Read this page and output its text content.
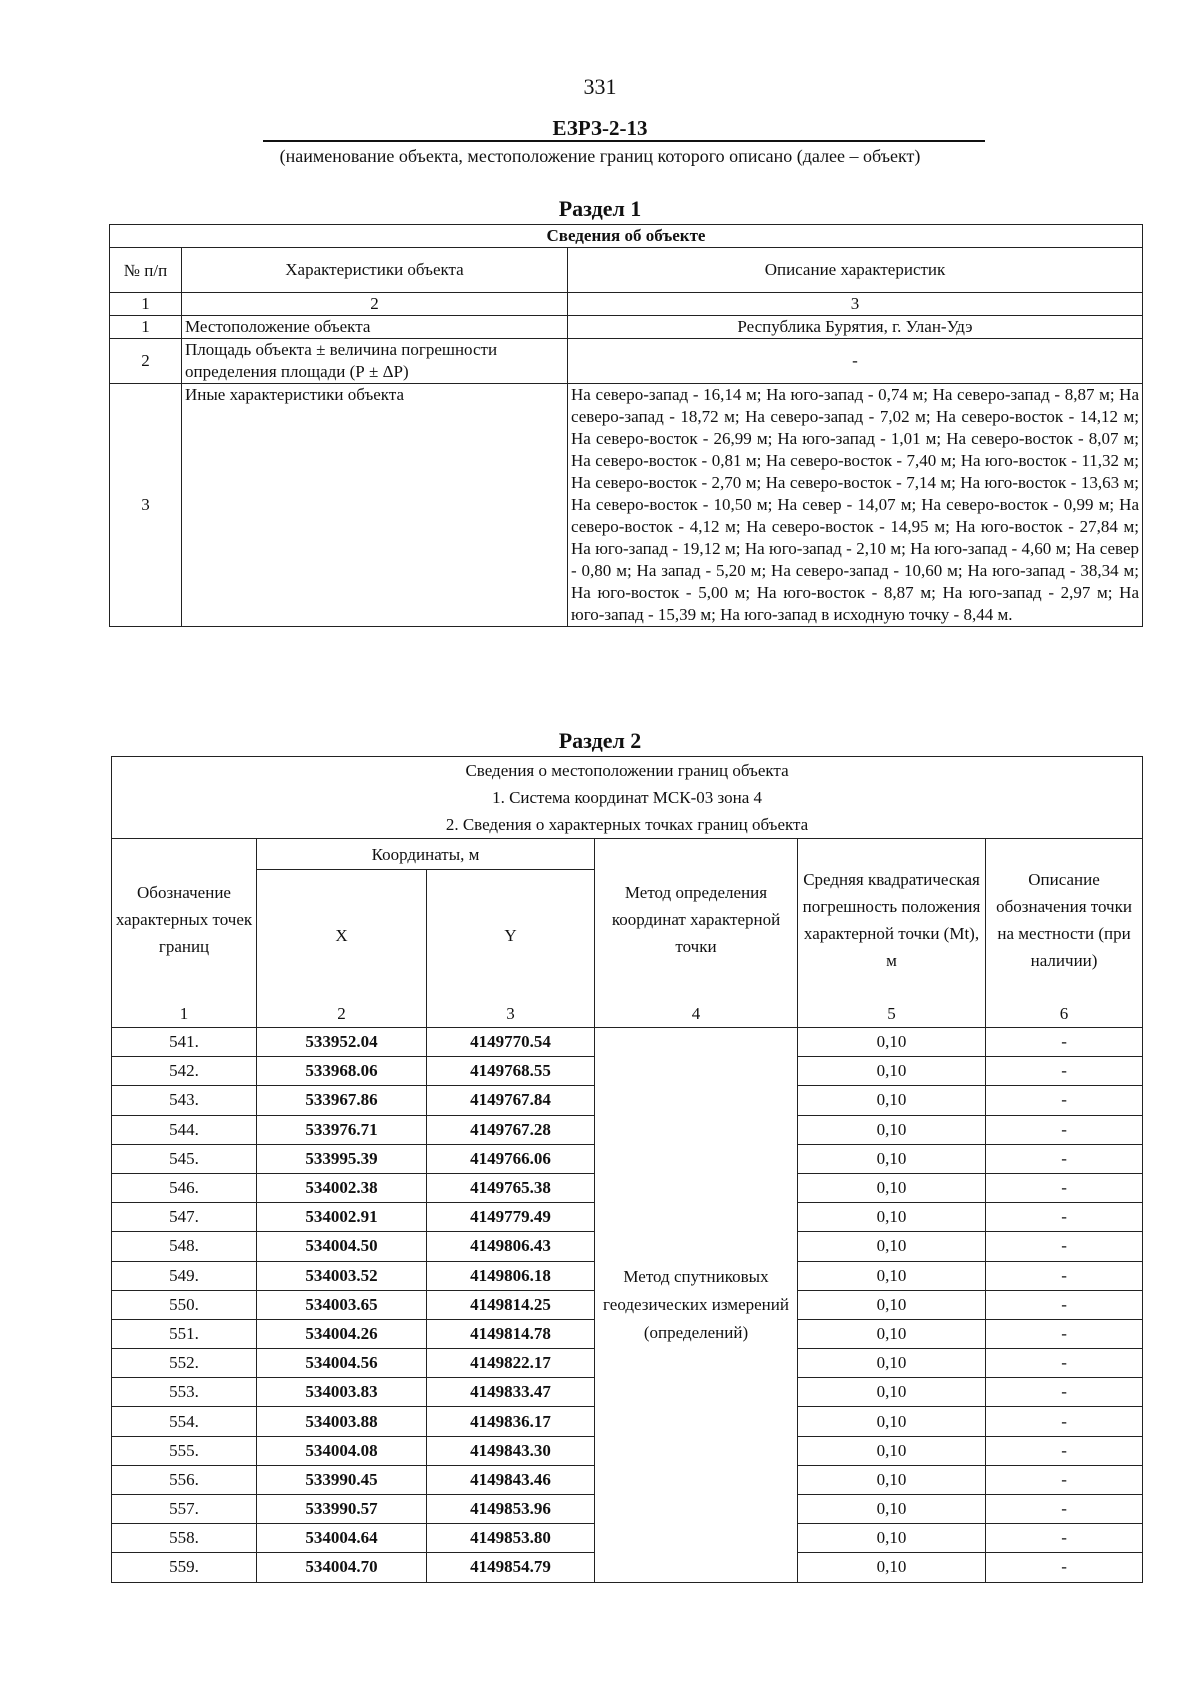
331
ЕЗРЗ-2-13
(наименование объекта, местоположение границ которого описано (далее – объект)
Раздел 1
Сведения об объекте		
№ п/п	Характеристики объекта	Описание характеристик
1	2	3
1	Местоположение объекта	Республика Бурятия, г. Улан-Удэ
2	Площадь объекта ± величина погрешности определения площади (Р ± ΔР)	-
3	Иные характеристики объекта	На северо-запад - 16,14 м; На юго-запад - 0,74 м; На северо-запад - 8,87 м; На северо-запад - 18,72 м; На северо-запад - 7,02 м; На северо-восток - 14,12 м; На северо-восток - 26,99 м; На юго-запад - 1,01 м; На северо-восток - 8,07 м; На северо-восток - 0,81 м; На северо-восток - 7,40 м; На юго-восток - 11,32 м; На северо-восток - 2,70 м; На северо-восток - 7,14 м; На юго-восток - 13,63 м; На северо-восток - 10,50 м; На север - 14,07 м; На северо-восток - 0,99 м; На северо-восток - 4,12 м; На северо-восток - 14,95 м; На юго-восток - 27,84 м; На юго-запад - 19,12 м; На юго-запад - 2,10 м; На юго-запад - 4,60 м; На север - 0,80 м; На запад - 5,20 м; На северо-запад - 10,60 м; На юго-запад - 38,34 м; На юго-восток - 5,00 м; На юго-восток - 8,87 м; На юго-запад - 2,97 м; На юго-запад - 15,39 м; На юго-запад в исходную точку - 8,44 м.
Раздел 2
Сведения о местоположении границ объекта					
1. Система координат МСК-03 зона 4					
2. Сведения о характерных точках границ объекта					
Обозначение характерных точек границ	Координаты, м		Метод определения координат характерной точки	Средняя квадратическая погрешность положения характерной точки (Mt), м	Описание обозначения точки на местности (при наличии)
	X	Y			
1	2	3	4	5	6
541.	533952.04	4149770.54	Метод спутниковых геодезических измерений (определений)	0,10	-
542.	533968.06	4149768.55		0,10	-
543.	533967.86	4149767.84		0,10	-
544.	533976.71	4149767.28		0,10	-
545.	533995.39	4149766.06		0,10	-
546.	534002.38	4149765.38		0,10	-
547.	534002.91	4149779.49		0,10	-
548.	534004.50	4149806.43		0,10	-
549.	534003.52	4149806.18		0,10	-
550.	534003.65	4149814.25		0,10	-
551.	534004.26	4149814.78		0,10	-
552.	534004.56	4149822.17		0,10	-
553.	534003.83	4149833.47		0,10	-
554.	534003.88	4149836.17		0,10	-
555.	534004.08	4149843.30		0,10	-
556.	533990.45	4149843.46		0,10	-
557.	533990.57	4149853.96		0,10	-
558.	534004.64	4149853.80		0,10	-
559.	534004.70	4149854.79		0,10	-
